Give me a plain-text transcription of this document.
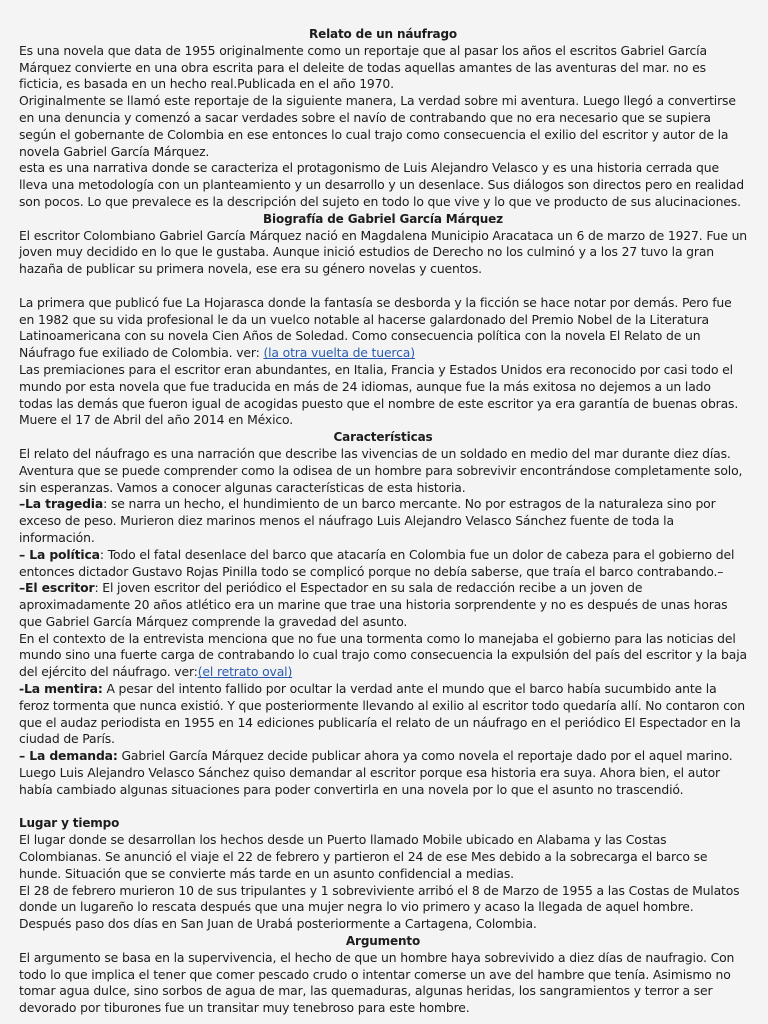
Relato de un náufrago

Es una novela que data de 1955 originalmente como un reportaje que al pasar los años el escritos Gabriel García Márquez convierte en una obra escrita para el deleite de todas aquellas amantes de las aventuras del mar. no es ficticia, es basada en un hecho real.Publicada en el año 1970.

Originalmente se llamó este reportaje de la siguiente manera, La verdad sobre mi aventura. Luego llegó a convertirse en una denuncia y comenzó a sacar verdades sobre el navío de contrabando que no era necesario que se supiera según el gobernante de Colombia en ese entonces lo cual trajo como consecuencia el exilio del escritor y autor de la novela Gabriel García Márquez.

esta es una narrativa donde se caracteriza el protagonismo de Luis Alejandro Velasco y es una historia cerrada que lleva una metodología con un planteamiento y un desarrollo y un desenlace. Sus diálogos son directos pero en realidad son pocos. Lo que prevalece es la descripción del sujeto en todo lo que vive y lo que ve producto de sus alucinaciones.

Biografía de Gabriel García Márquez

El escritor Colombiano Gabriel García Márquez nació en Magdalena Municipio Aracataca un 6 de marzo de 1927. Fue un joven muy decidido en lo que le gustaba. Aunque inició estudios de Derecho no los culminó y a los 27 tuvo la gran hazaña de publicar su primera novela, ese era su género novelas y cuentos.

La primera que publicó fue La Hojarasca donde la fantasía se desborda y la ficción se hace notar por demás. Pero fue en 1982 que su vida profesional le da un vuelco notable al hacerse galardonado del Premio Nobel de la Literatura Latinoamericana con su novela Cien Años de Soledad. Como consecuencia política con la novela El Relato de un Náufrago fue exiliado de Colombia. ver: (la otra vuelta de tuerca)

Las premiaciones para el escritor eran abundantes, en Italia, Francia y Estados Unidos era reconocido por casi todo el mundo por esta novela que fue traducida en más de 24 idiomas, aunque fue la más exitosa no dejemos a un lado todas las demás que fueron igual de acogidas puesto que el nombre de este escritor ya era garantía de buenas obras. Muere el 17 de Abril del año 2014 en México.

Características

El relato del náufrago es una narración que describe las vivencias de un soldado en medio del mar durante diez días. Aventura que se puede comprender como la odisea de un hombre para sobrevivir encontrándose completamente solo, sin esperanzas. Vamos a conocer algunas características de esta historia.

–La tragedia: se narra un hecho, el hundimiento de un barco mercante. No por estragos de la naturaleza sino por exceso de peso. Murieron diez marinos menos el náufrago Luis Alejandro Velasco Sánchez fuente de toda la información.

– La política: Todo el fatal desenlace del barco que atacaría en Colombia fue un dolor de cabeza para el gobierno del entonces dictador Gustavo Rojas Pinilla todo se complicó porque no debía saberse, que traía el barco contrabando.–

–El escritor: El joven escritor del periódico el Espectador en su sala de redacción recibe a un joven de aproximadamente 20 años atlético era un marine que trae una historia sorprendente y no es después de unas horas que Gabriel García Márquez comprende la gravedad del asunto.

En el contexto de la entrevista menciona que no fue una tormenta como lo manejaba el gobierno para las noticias del mundo sino una fuerte carga de contrabando lo cual trajo como consecuencia la expulsión del país del escritor y la baja del ejército del náufrago. ver:(el retrato oval)

-La mentira: A pesar del intento fallido por ocultar la verdad ante el mundo que el barco había sucumbido ante la feroz tormenta que nunca existió. Y que posteriormente llevando al exilio al escritor todo quedaría allí. No contaron con que el audaz periodista en 1955 en 14 ediciones publicaría el relato de un náufrago en el periódico El Espectador en la ciudad de París.

– La demanda: Gabriel García Márquez decide publicar ahora ya como novela el reportaje dado por el aquel marino. Luego Luis Alejandro Velasco Sánchez quiso demandar al escritor porque esa historia era suya. Ahora bien, el autor había cambiado algunas situaciones para poder convertirla en una novela por lo que el asunto no trascendió.

Lugar y tiempo

El lugar donde se desarrollan los hechos desde un Puerto llamado Mobile ubicado en Alabama y las Costas Colombianas. Se anunció el viaje el 22 de febrero y partieron el 24 de ese Mes debido a la sobrecarga el barco se hunde. Situación que se convierte más tarde en un asunto confidencial a medias.

El 28 de febrero murieron 10 de sus tripulantes y 1 sobreviviente arribó el 8 de Marzo de 1955 a las Costas de Mulatos donde un lugareño lo rescata después que una mujer negra lo vio primero y acaso la llegada de aquel hombre. Después paso dos días en San Juan de Urabá posteriormente a Cartagena, Colombia.

Argumento

El argumento se basa en la supervivencia, el hecho de que un hombre haya sobrevivido a diez días de naufragio. Con todo lo que implica el tener que comer pescado crudo o intentar comerse un ave del hambre que tenía. Asimismo no tomar agua dulce, sino sorbos de agua de mar, las quemaduras, algunas heridas, los sangramientos y terror a ser devorado por tiburones fue un transitar muy tenebroso para este hombre.
